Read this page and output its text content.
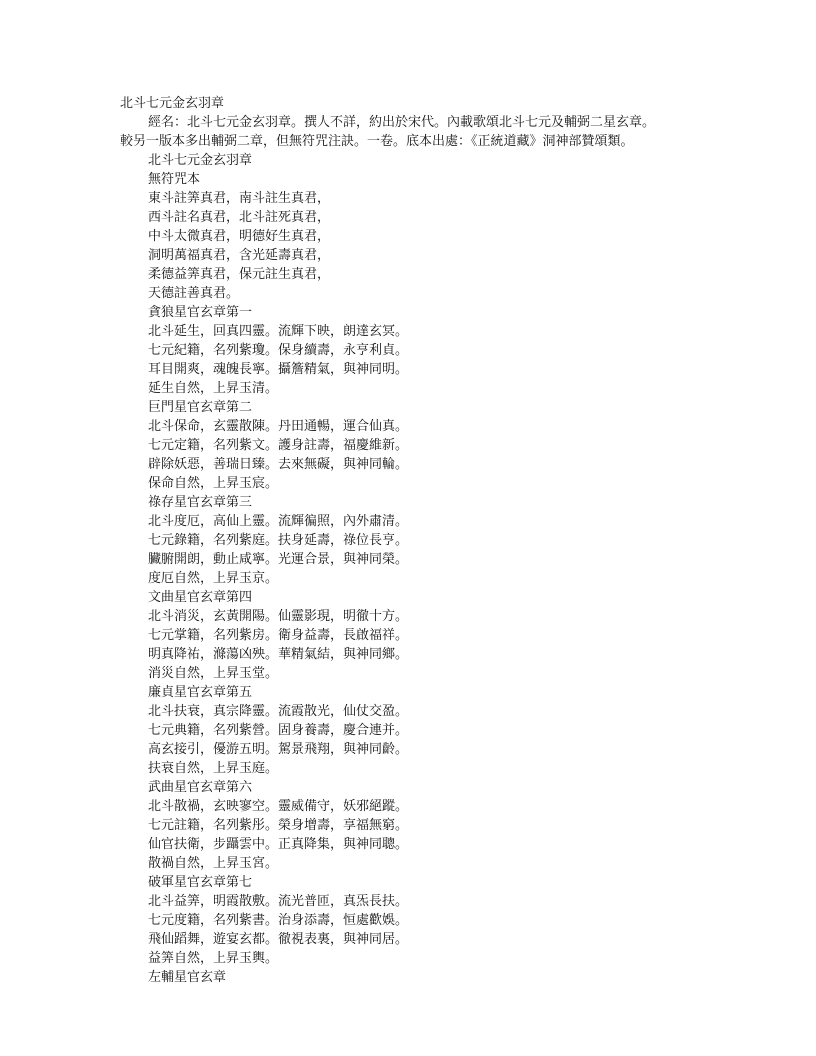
北斗七元金玄羽章
經名：北斗七元金玄羽章。撰人不詳，約出於宋代。內載歌頌北斗七元及輔弼二星玄章。
較另一版本多出輔弼二章，但無符咒注訣。一卷。底本出處：《正統道藏》洞神部贊頌類。
北斗七元金玄羽章
無符咒本
東斗註筭真君，南斗註生真君，
西斗註名真君，北斗註死真君，
中斗太微真君，明德好生真君，
洞明萬福真君，含光延壽真君，
柔德益筭真君，保元註生真君，
天德註善真君。
貪狼星官玄章第一
北斗延生，回真四靈。流輝下映，朗達玄冥。
七元紀籍，名列紫瓊。保身續壽，永亨利貞。
耳目開爽，魂魄長寧。攝簷精氣，與神同明。
延生自然，上昇玉清。
巨門星官玄章第二
北斗保命，玄靈散陳。丹田通暢，運合仙真。
七元定籍，名列紫文。護身註壽，福慶維新。
辟除妖惡，善瑞日臻。去來無礙，與神同輪。
保命自然，上昇玉宸。
祿存星官玄章第三
北斗度厄，高仙上靈。流輝徧照，內外肅清。
七元錄籍，名列紫庭。扶身延壽，祿位長亨。
臟腑開朗，動止咸寧。光運合景，與神同榮。
度厄自然，上昇玉京。
文曲星官玄章第四
北斗消災，玄黃開陽。仙靈影現，明徹十方。
七元掌籍，名列紫房。衛身益壽，長啟福祥。
明真降祐，滌蕩凶殃。華精氣結，與神同鄉。
消災自然，上昇玉堂。
廉貞星官玄章第五
北斗扶衰，真宗降靈。流霞散光，仙仗交盈。
七元典籍，名列紫營。固身養壽，慶合連并。
高玄接引，優游五明。駕景飛翔，與神同齡。
扶衰自然，上昇玉庭。
武曲星官玄章第六
北斗散禍，玄映寥空。靈威備守，妖邪絕蹤。
七元註籍，名列紫彤。榮身增壽，享福無窮。
仙官扶衛，步躡雲中。正真降集，與神同聰。
散禍自然，上昇玉宮。
破軍星官玄章第七
北斗益筭，明霞散敷。流光普匝，真炁長扶。
七元度籍，名列紫書。治身添壽，恒處歡娛。
飛仙蹈舞，遊宴玄都。徹視表裏，與神同居。
益筭自然，上昇玉輿。
左輔星官玄章
